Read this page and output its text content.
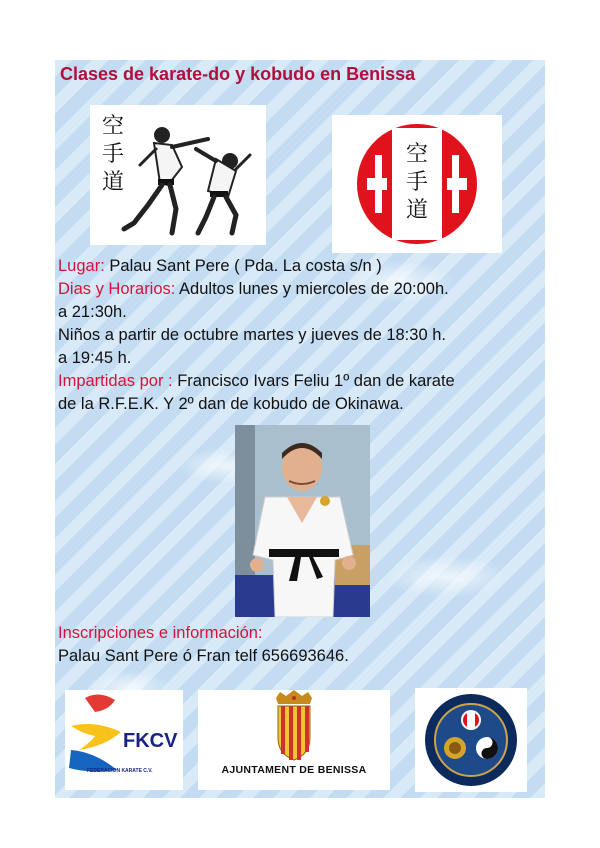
Clases de karate-do y kobudo en Benissa
空
手
道
空
手
道
Lugar: Palau Sant Pere ( Pda. La costa s/n )
Dias y Horarios: Adultos lunes y miercoles de 20:00h.
a 21:30h.
Niños a partir de octubre martes y jueves de 18:30 h.
a 19:45 h.
Impartidas por : Francisco Ivars Feliu 1º dan de karate
de la R.F.E.K. Y 2º dan de kobudo de Okinawa.
Inscripciones e información:
Palau Sant Pere ó Fran telf 656693646.
FKCV
FEDERACION KARATE C.V.	AJUNTAMENT DE BENISSA
